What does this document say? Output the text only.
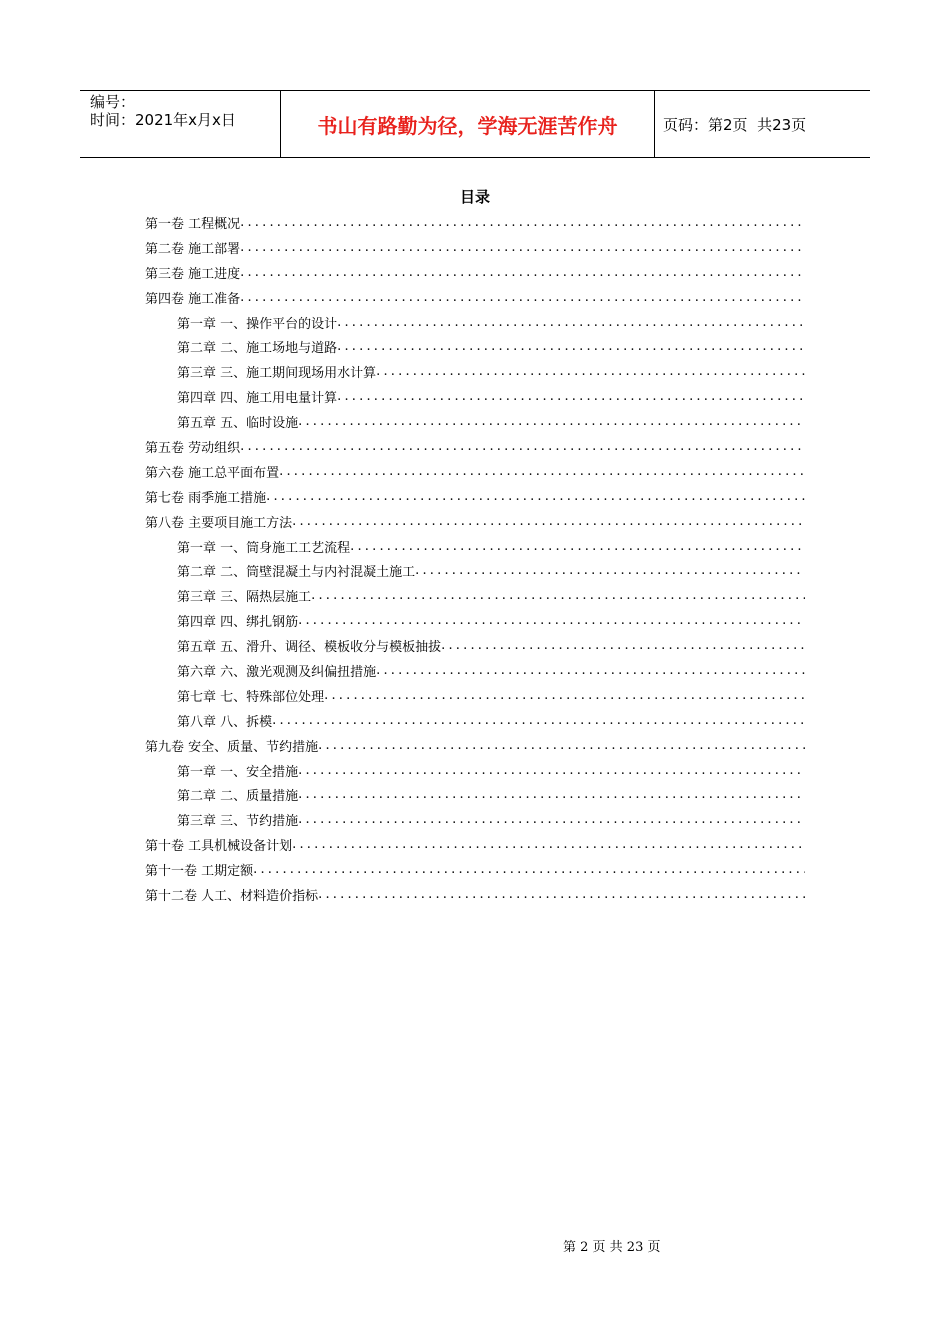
编号：
时间：2021年x月x日	书山有路勤为径，学海无涯苦作舟	页码：第2页  共23页
目录
第一卷 工程概况
.....
第二卷 施工部署
.....
第三卷 施工进度
.....
第四卷 施工准备
.....
第一章 一、操作平台的设计
.....
第二章 二、施工场地与道路
.....
第三章 三、施工期间现场用水计算
.....
第四章 四、施工用电量计算
.....
第五章 五、临时设施
.....
第五卷 劳动组织
.....
第六卷 施工总平面布置
.....
第七卷 雨季施工措施
.....
第八卷 主要项目施工方法
.....
第一章 一、筒身施工工艺流程
.....
第二章 二、筒壁混凝土与内衬混凝土施工
.....
第三章 三、隔热层施工
.....
第四章 四、绑扎钢筋
.....
第五章 五、滑升、调径、模板收分与模板抽拔
.....
第六章 六、激光观测及纠偏扭措施
.....
第七章 七、特殊部位处理
.....
第八章 八、拆模
.....
第九卷 安全、质量、节约措施
.....
第一章 一、安全措施
.....
第二章 二、质量措施
.....
第三章 三、节约措施
.....
第十卷 工具机械设备计划
.....
第十一卷 工期定额
.....
第十二卷 人工、材料造价指标
.....
第 2 页 共 23 页
